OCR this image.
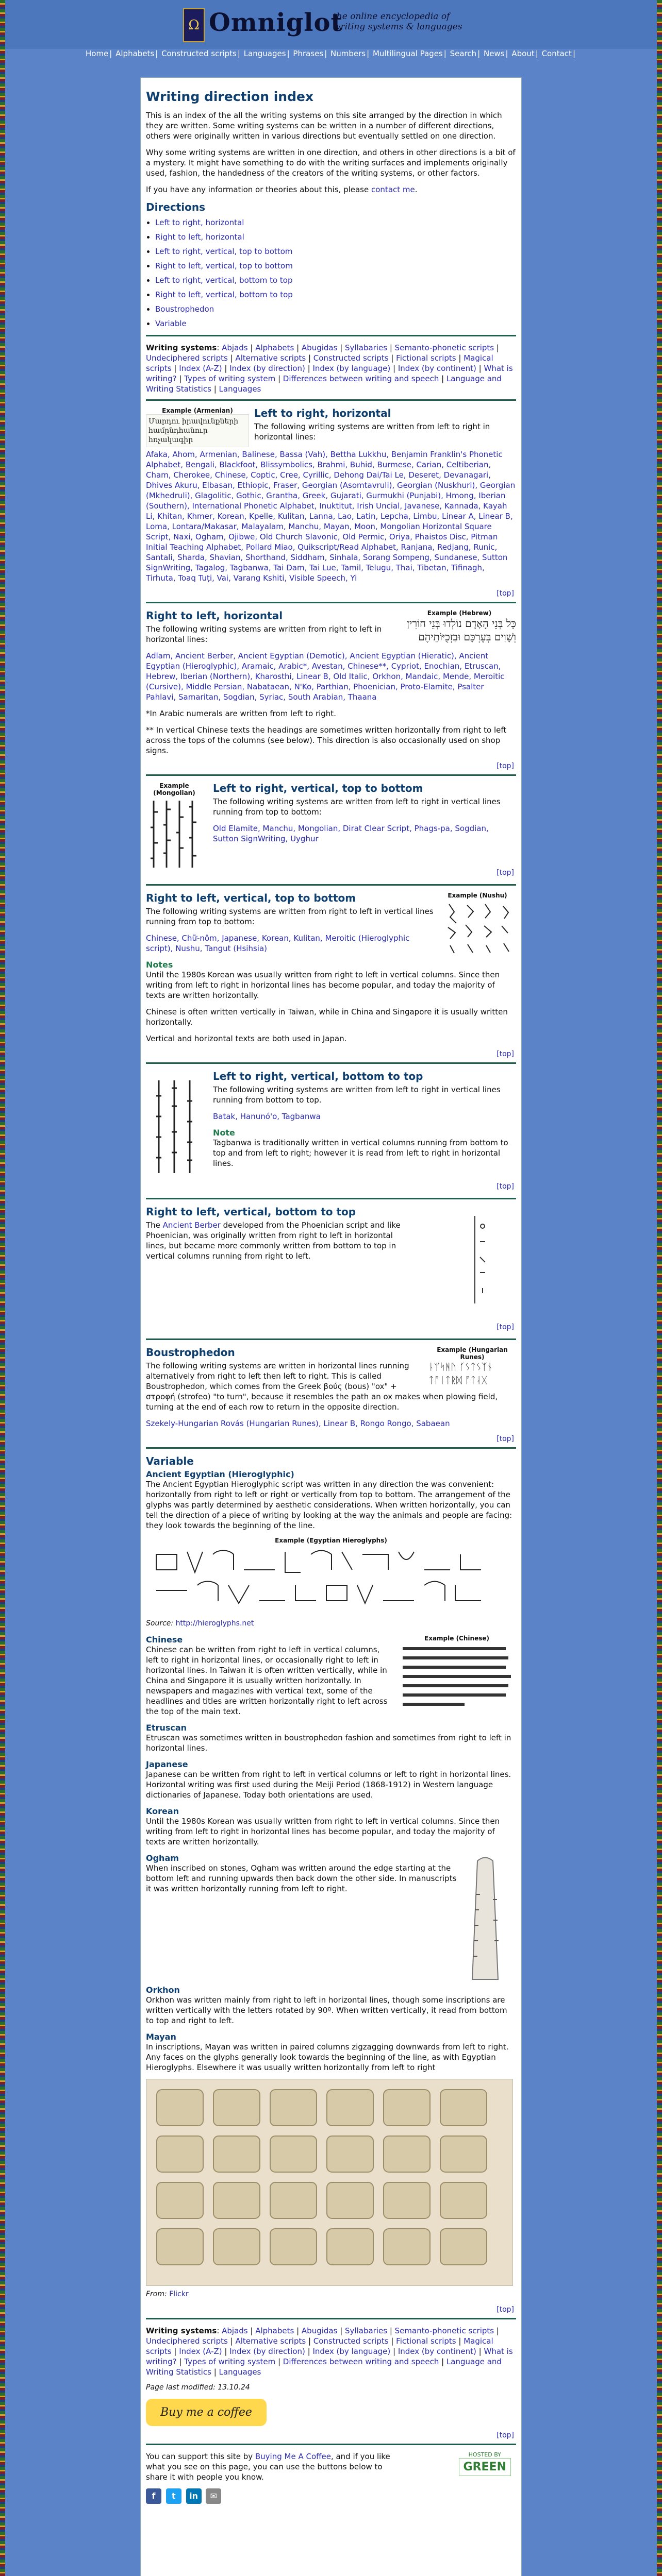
Ω Omniglot
the online encyclopedia of writing systems & languages
Home | Alphabets | Constructed scripts | Languages | Phrases | Numbers | Multilingual Pages | Search | News | About | Contact |
Writing direction index

This is an index of the all the writing systems on this site arranged by the direction in which they are written. Some writing systems can be written in a number of different directions, others were originally written in various directions but eventually settled on one direction.

Why some writing systems are written in one direction, and others in other directions is a bit of a mystery. It might have something to do with the writing surfaces and implements originally used, fashion, the handedness of the creators of the writing systems, or other factors.

If you have any information or theories about this, please contact me.

Directions
• Left to right, horizontal
• Right to left, horizontal
• Left to right, vertical, top to bottom
• Right to left, vertical, top to bottom
• Left to right, vertical, bottom to top
• Right to left, vertical, bottom to top
• Boustrophedon
• Variable
Writing systems: Abjads | Alphabets | Abugidas | Syllabaries | Semanto-phonetic scripts | Undeciphered scripts | Alternative scripts | Constructed scripts | Fictional scripts | Magical scripts | Index (A-Z) | Index (by direction) | Index (by language) | Index (by continent) | What is writing? | Types of writing system | Differences between writing and speech | Language and Writing Statistics | Languages
Example (Armenian)
Մարդու իրավունքների համընդհանուր հռչակագիր
Left to right, horizontal

The following writing systems are written from left to right in horizontal lines:

Afaka, Ahom, Armenian, Balinese, Bassa (Vah), Bettha Lukkhu, Benjamin Franklin's Phonetic Alphabet, Bengali, Blackfoot, Blissymbolics, Brahmi, Buhid, Burmese, Carian, Celtiberian, Cham, Cherokee, Chinese, Coptic, Cree, Cyrillic, Dehong Dai/Tai Le, Deseret, Devanagari, Dhives Akuru, Elbasan, Ethiopic, Fraser, Georgian (Asomtavruli), Georgian (Nuskhuri), Georgian (Mkhedruli), Glagolitic, Gothic, Grantha, Greek, Gujarati, Gurmukhi (Punjabi), Hmong, Iberian (Southern), International Phonetic Alphabet, Inuktitut, Irish Uncial, Javanese, Kannada, Kayah Li, Khitan, Khmer, Korean, Kpelle, Kulitan, Lanna, Lao, Latin, Lepcha, Limbu, Linear A, Linear B, Loma, Lontara/Makasar, Malayalam, Manchu, Mayan, Moon, Mongolian Horizontal Square Script, Naxi, Ogham, Ojibwe, Old Church Slavonic, Old Permic, Oriya, Phaistos Disc, Pitman Initial Teaching Alphabet, Pollard Miao, Quikscript/Read Alphabet, Ranjana, Redjang, Runic, Santali, Sharda, Shavian, Shorthand, Siddham, Sinhala, Sorang Sompeng, Sundanese, Sutton SignWriting, Tagalog, Tagbanwa, Tai Dam, Tai Lue, Tamil, Telugu, Thai, Tibetan, Tifinagh, Tirhuta, Toaq Tuṭi, Vai, Varang Kshiti, Visible Speech, Yi

[top]
Example (Hebrew)
כָּל בְּנֵי הָאָדָם נוֹלְדוּ בְּנֵי חוֹרִין וְשָׁוִים בְּעֶרְכָּם וּבִזְכֻיּוֹתֵיהֶם
Right to left, horizontal

The following writing systems are written from right to left in horizontal lines:

Adlam, Ancient Berber, Ancient Egyptian (Demotic), Ancient Egyptian (Hieratic), Ancient Egyptian (Hieroglyphic), Aramaic, Arabic*, Avestan, Chinese**, Cypriot, Enochian, Etruscan, Hebrew, Iberian (Northern), Kharosthi, Linear B, Old Italic, Orkhon, Mandaic, Mende, Meroitic (Cursive), Middle Persian, Nabataean, N'Ko, Parthian, Phoenician, Proto-Elamite, Psalter Pahlavi, Samaritan, Sogdian, Syriac, South Arabian, Thaana

*In Arabic numerals are written from left to right.

** In vertical Chinese texts the headings are sometimes written horizontally from right to left across the tops of the columns (see below). This direction is also occasionally used on shop signs.

[top]
Example (Mongolian)	Left to right, vertical, top to bottom

The following writing systems are written from left to right in vertical lines running from top to bottom:

Old Elamite, Manchu, Mongolian, Dirat Clear Script, Phags-pa, Sogdian, Sutton SignWriting, Uyghur

[top]
Example (Nushu)
Right to left, vertical, top to bottom

The following writing systems are written from right to left in vertical lines running from top to bottom:

Chinese, Chữ-nôm, Japanese, Korean, Kulitan, Meroitic (Hieroglyphic script), Nushu, Tangut (Hsihsia)

Notes

Until the 1980s Korean was usually written from right to left in vertical columns. Since then writing from left to right in horizontal lines has become popular, and today the majority of texts are written horizontally.

Chinese is often written vertically in Taiwan, while in China and Singapore it is usually written horizontally.

Vertical and horizontal texts are both used in Japan.

[top]
Left to right, vertical, bottom to top

The following writing systems are written from left to right in vertical lines running from bottom to top.

Batak, Hanunó'o, Tagbanwa

Note

Tagbanwa is traditionally written in vertical columns running from bottom to top and from left to right; however it is read from left to right in horizontal lines.

[top]
Right to left, vertical, bottom to top

The Ancient Berber developed from the Phoenician script and like Phoenician, was originally written from right to left in horizontal lines, but became more commonly written from bottom to top in vertical columns running from right to left.

[top]
Example (Hungarian Runes)
ᚿᛘᛋᚻᚢ ᚴᛊᛏᛊᛉᚾ ᛏᚩᛁᛏᚱᛞ ᚩᛏᛆᚷ
Boustrophedon

The following writing systems are written in horizontal lines running alternatively from right to left then left to right. This is called Boustrophedon, which comes from the Greek βούς (bous) "ox" + στροφή (strofeo) "to turn", because it resembles the path an ox makes when plowing field, turning at the end of each row to return in the opposite direction.

Szekely-Hungarian Rovás (Hungarian Runes), Linear B, Rongo Rongo, Sabaean

[top]
Variable
Ancient Egyptian (Hieroglyphic)

The Ancient Egyptian Hieroglyphic script was written in any direction the was convenient: horizontally from right to left or right or vertically from top to bottom. The arrangement of the glyphs was partly determined by aesthetic considerations. When written horizontally, you can tell the direction of a piece of writing by looking at the way the animals and people are facing: they look towards the beginning of the line.

Example (Egyptian Hieroglyphs)

Source: http://hieroglyphs.net

Example (Chinese)
Chinese

Chinese can be written from right to left in vertical columns, left to right in horizontal lines, or occasionally right to left in horizontal lines. In Taiwan it is often written vertically, while in China and Singapore it is usually written horizontally. In newspapers and magazines with vertical text, some of the headlines and titles are written horizontally right to left across the top of the main text.

Etruscan

Etruscan was sometimes written in boustrophedon fashion and sometimes from right to left in horizontal lines.

Japanese

Japanese can be written from right to left in vertical columns or left to right in horizontal lines. Horizontal writing was first used during the Meiji Period (1868-1912) in Western language dictionaries of Japanese. Today both orientations are used.

Korean

Until the 1980s Korean was usually written from right to left in vertical columns. Since then writing from left to right in horizontal lines has become popular, and today the majority of texts are written horizontally.

Ogham

When inscribed on stones, Ogham was written around the edge starting at the bottom left and running upwards then back down the other side. In manuscripts it was written horizontally running from left to right.

Orkhon

Orkhon was written mainly from right to left in horizontal lines, though some inscriptions are written vertically with the letters rotated by 90º. When written vertically, it read from bottom to top and right to left.

Mayan

In inscriptions, Mayan was written in paired columns zigzagging downwards from left to right. Any faces on the glyphs generally look towards the beginning of the line, as with Egyptian Hieroglyphs. Elsewhere it was usually written horizontally from left to right

From: Flickr

[top]
Writing systems: Abjads | Alphabets | Abugidas | Syllabaries | Semanto-phonetic scripts | Undeciphered scripts | Alternative scripts | Constructed scripts | Fictional scripts | Magical scripts | Index (A-Z) | Index (by direction) | Index (by language) | Index (by continent) | What is writing? | Types of writing system | Differences between writing and speech | Language and Writing Statistics | Languages

Page last modified: 13.10.24

Buy me a coffee
[top]

You can support this site by Buying Me A Coffee, and if you like what you see on this page, you can use the buttons below to share it with people you know.

f t in ✉
HOSTED BY
GREEN
